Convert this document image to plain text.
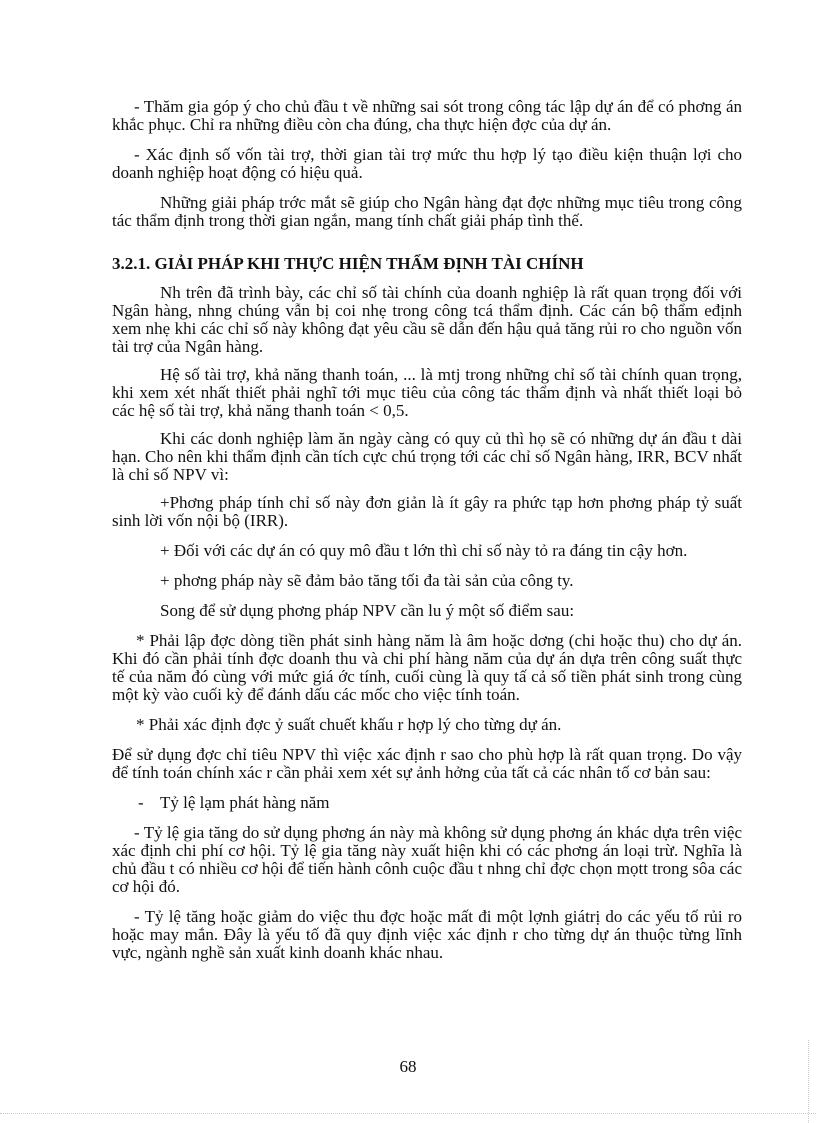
- Thăm gia góp ý cho chủ đầu t về những sai sót trong công tác lập dự án để có phơng án khắc phục. Chỉ ra những điều còn cha đúng, cha thực hiện đợc của dự án.

- Xác định số vốn tài trợ, thời gian tài trợ mức thu hợp lý tạo điều kiện thuận lợi cho doanh nghiệp hoạt động có hiệu quả.

Những giải pháp trớc mắt sẽ giúp cho Ngân hàng đạt đợc những mục tiêu trong công tác thẩm định trong thời gian ngắn, mang tính chất giải pháp tình thế.

3.2.1. GIẢI PHÁP KHI THỰC HIỆN THẨM ĐỊNH TÀI CHÍNH

Nh trên đã trình bày, các chỉ số tài chính của doanh nghiệp là rất quan trọng đối với Ngân hàng, nhng chúng vẫn bị coi nhẹ trong công tcá thẩm định. Các cán bộ thẩm eđịnh xem nhẹ khi các chỉ số này không đạt yêu cầu sẽ dẫn đến hậu quả tăng rủi ro cho nguồn vốn tài trợ của Ngân hàng.

Hệ số tài trợ, khả năng thanh toán, ... là mtj trong những chỉ số tài chính quan trọng, khi xem xét nhất thiết phải nghĩ tới mục tiêu của công tác thẩm định và nhất thiết loại bỏ các hệ số tài trợ, khả năng thanh toán < 0,5.

Khi các donh nghiệp làm ăn ngày càng có quy củ thì họ sẽ có những dự án đầu t dài hạn. Cho nên khi thẩm định cần tích cực chú trọng tới các chỉ số Ngân hàng, IRR, BCV nhất là chỉ số NPV vì:

+Phơng pháp tính chỉ số này đơn giản là ít gây ra phức tạp hơn phơng pháp tỷ suất sinh lời vốn nội bộ (IRR).

+ Đối với các dự án có quy mô đầu t lớn thì chỉ số này tỏ ra đáng tin cậy hơn.

+ phơng pháp này sẽ đảm bảo tăng tối đa tài sản của công ty.

Song để sử dụng phơng pháp NPV cần lu ý một số điểm sau:

* Phải lập đợc dòng tiền phát sinh hàng năm là âm hoặc dơng (chi hoặc thu) cho dự án. Khi đó cần phải tính đợc doanh thu và chi phí hàng năm của dự án dựa trên công suất thực tế của năm đó cùng với mức giá ớc tính, cuối cùng là quy tấ cả số tiền phát sinh trong cùng một kỳ vào cuối kỳ để đánh dấu các mốc cho việc tính toán.

* Phải xác định đợc ỷ suất chuết khấu r hợp lý cho từng dự án.

Để sử dụng đợc chỉ tiêu NPV thì việc xác định r sao cho phù hợp là rất quan trọng. Do vậy để tính toán chính xác r cần phải xem xét sự ảnh hởng của tất cả các nhân tố cơ bản sau:

- Tỷ lệ lạm phát hàng năm

- Tỷ lệ gia tăng do sử dụng phơng án này mà không sử dụng phơng án khác dựa trên việc xác định chi phí cơ hội. Tỷ lệ gia tăng này xuất hiện khi có các phơng án loại trừ. Nghĩa là chủ đầu t có nhiều cơ hội để tiến hành cônh cuộc đầu t nhng chỉ đợc chọn mọtt trong sôa các cơ hội đó.

- Tỷ lệ tăng hoặc giảm do việc thu đợc hoặc mất đi một lợnh giátrị do các yếu tố rủi ro hoặc may mắn. Đây là yếu tố đã quy định việc xác định r cho từng dự án thuộc từng lĩnh vực, ngành nghề sản xuất kinh doanh khác nhau.

68
